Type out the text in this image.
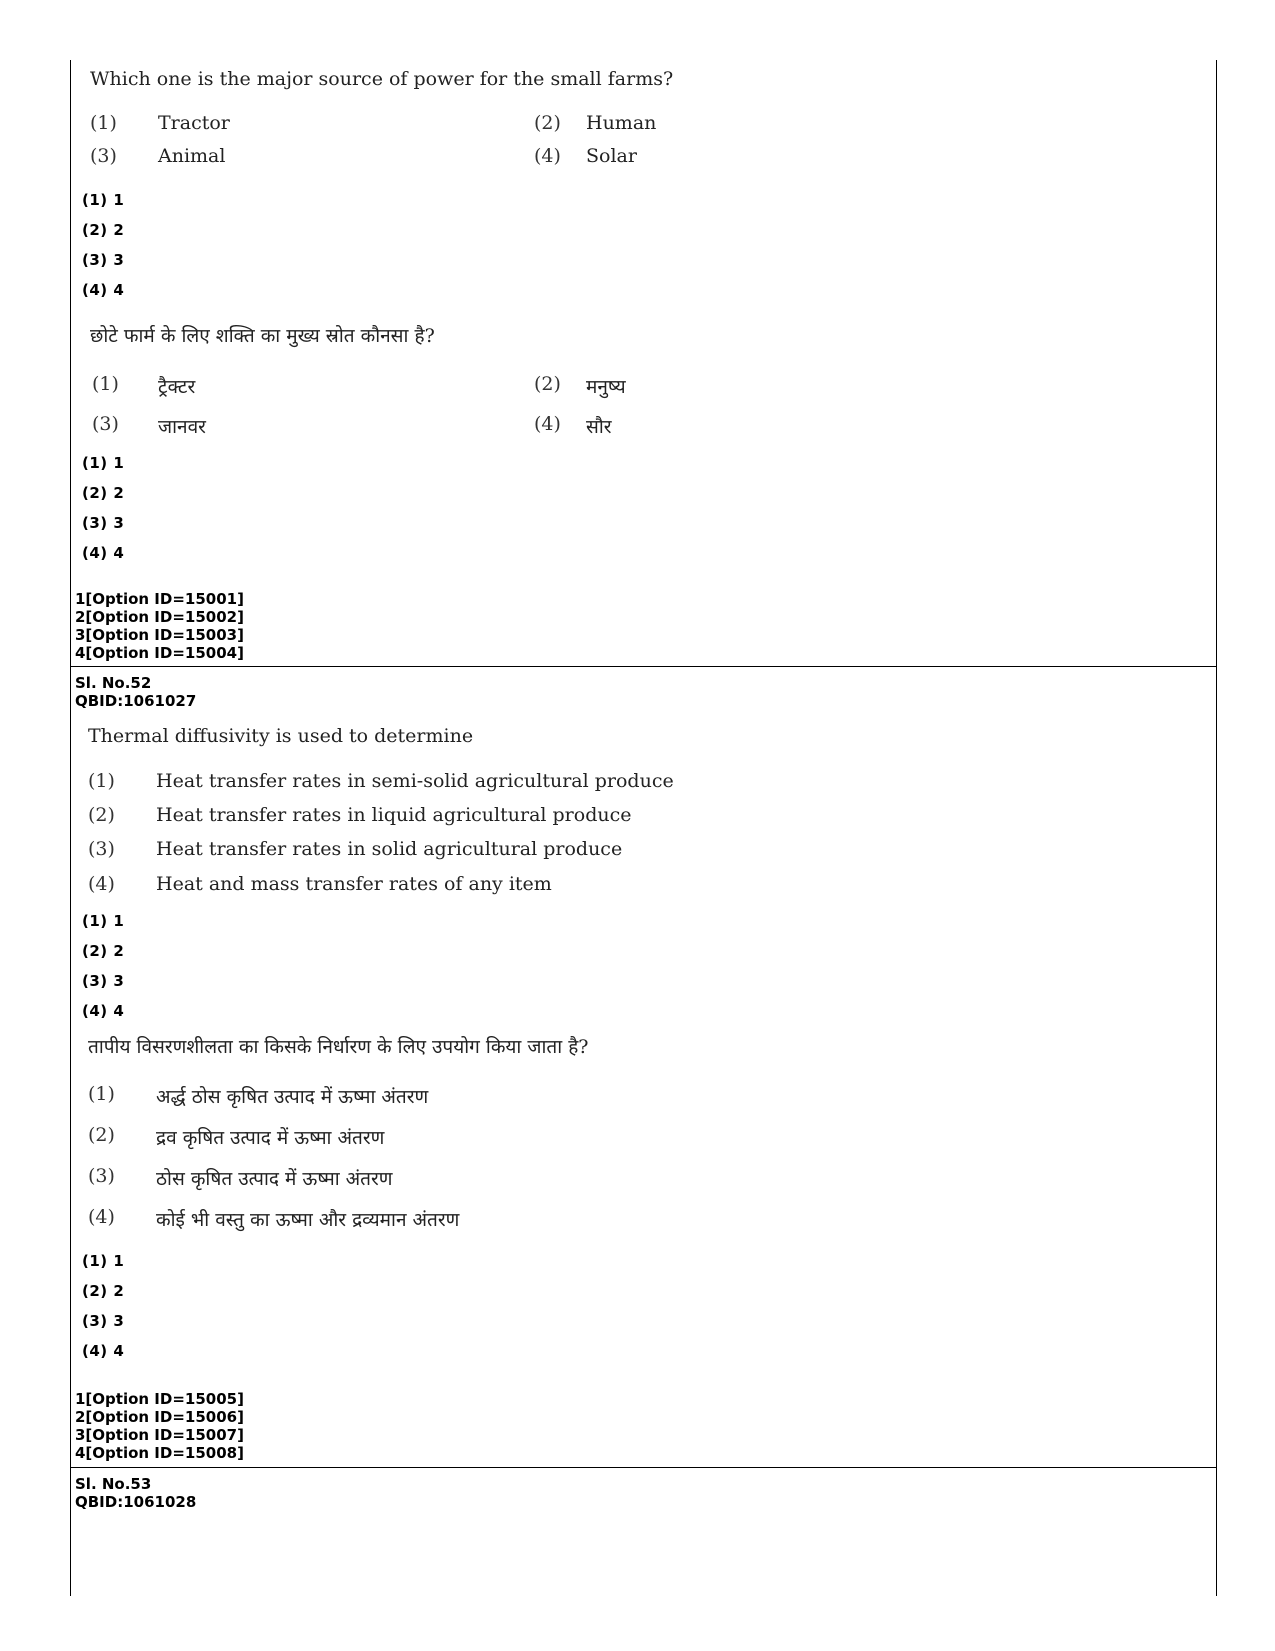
Which one is the major source of power for the small farms?
(1) Tractor	(2) Human
(3) Animal	(4) Solar
(1) 1
(2) 2
(3) 3
(4) 4
छोटे फार्म के लिए शक्ति का मुख्य स्रोत कौनसा है?
(1) ट्रैक्टर	(2) मनुष्य
(3) जानवर	(4) सौर
(1) 1
(2) 2
(3) 3
(4) 4
1[Option ID=15001]
2[Option ID=15002]
3[Option ID=15003]
4[Option ID=15004]
Sl. No.52
QBID:1061027
Thermal diffusivity is used to determine
(1) Heat transfer rates in semi-solid agricultural produce
(2) Heat transfer rates in liquid agricultural produce
(3) Heat transfer rates in solid agricultural produce
(4) Heat and mass transfer rates of any item
(1) 1
(2) 2
(3) 3
(4) 4
तापीय विसरणशीलता का किसके निर्धारण के लिए उपयोग किया जाता है?
(1) अर्द्ध ठोस कृषित उत्पाद में ऊष्मा अंतरण
(2) द्रव कृषित उत्पाद में ऊष्मा अंतरण
(3) ठोस कृषित उत्पाद में ऊष्मा अंतरण
(4) कोई भी वस्तु का ऊष्मा और द्रव्यमान अंतरण
(1) 1
(2) 2
(3) 3
(4) 4
1[Option ID=15005]
2[Option ID=15006]
3[Option ID=15007]
4[Option ID=15008]
Sl. No.53
QBID:1061028
